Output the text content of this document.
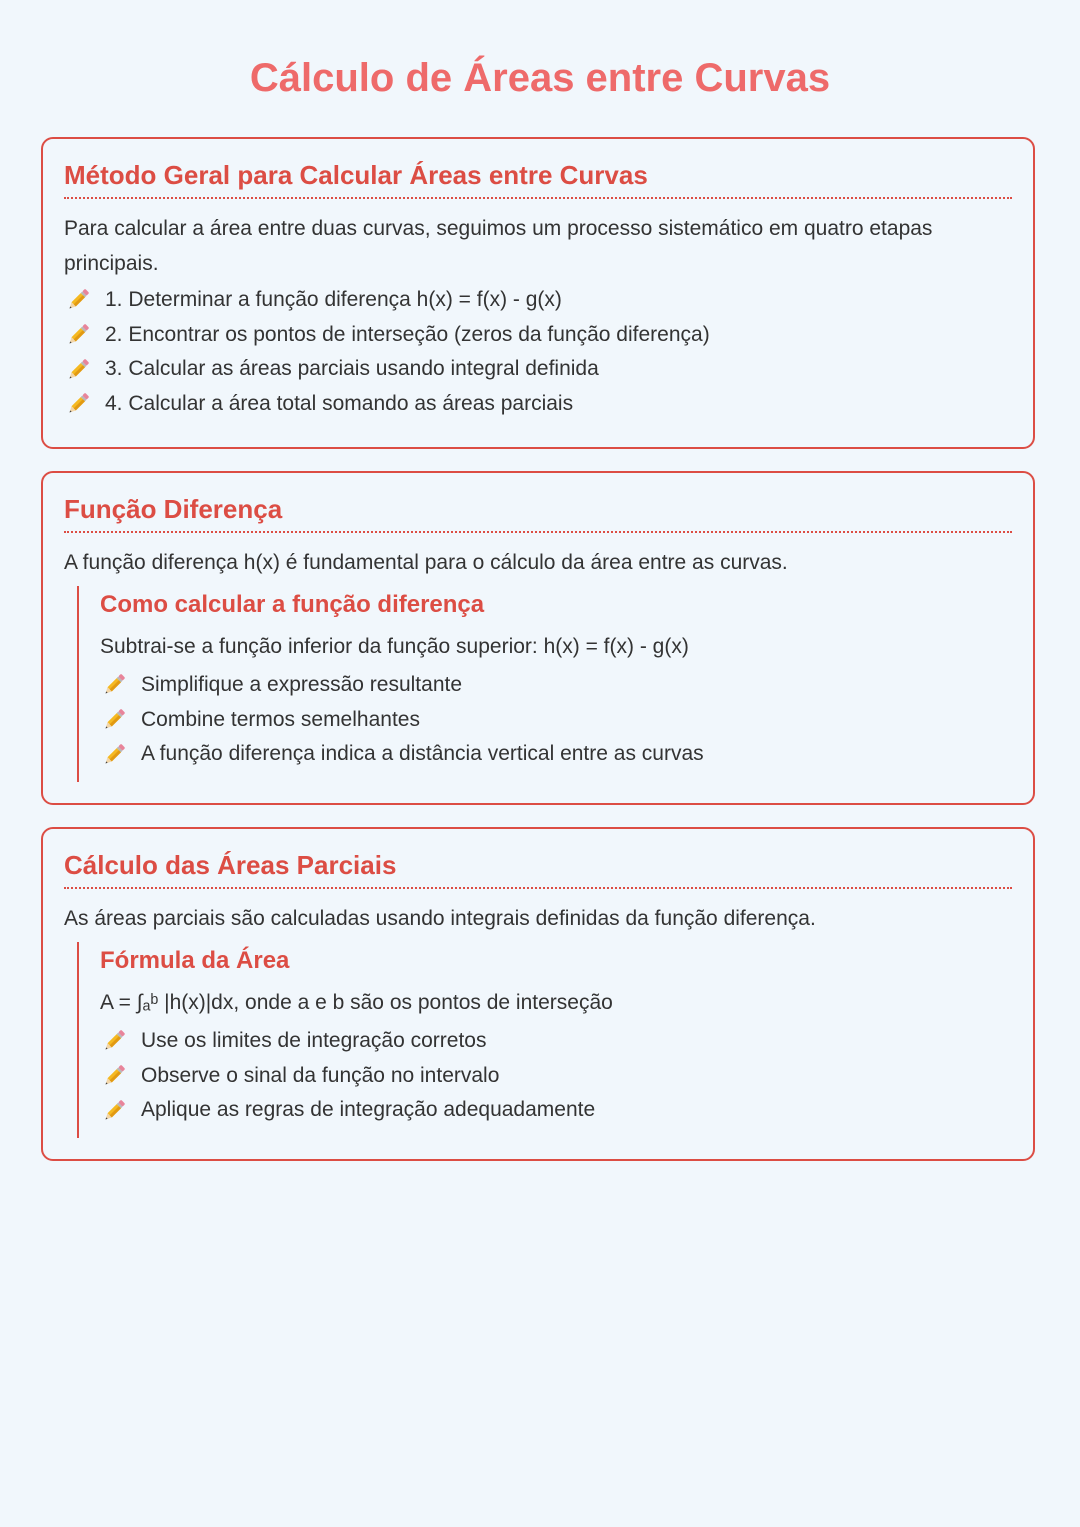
Cálculo de Áreas entre Curvas
Método Geral para Calcular Áreas entre Curvas

Para calcular a área entre duas curvas, seguimos um processo sistemático em quatro etapas principais.

1. Determinar a função diferença h(x) = f(x) - g(x)
2. Encontrar os pontos de interseção (zeros da função diferença)
3. Calcular as áreas parciais usando integral definida
4. Calcular a área total somando as áreas parciais
Função Diferença

A função diferença h(x) é fundamental para o cálculo da área entre as curvas.

Como calcular a função diferença

Subtrai-se a função inferior da função superior: h(x) = f(x) - g(x)

Simplifique a expressão resultante
Combine termos semelhantes
A função diferença indica a distância vertical entre as curvas
Cálculo das Áreas Parciais

As áreas parciais são calculadas usando integrais definidas da função diferença.

Fórmula da Área

A = ∫ₐᵇ |h(x)|dx, onde a e b são os pontos de interseção

Use os limites de integração corretos
Observe o sinal da função no intervalo
Aplique as regras de integração adequadamente
